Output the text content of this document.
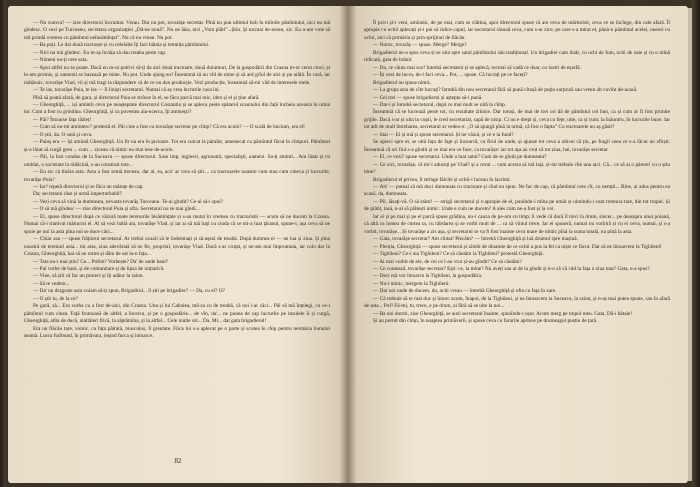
— Nu cumva? — zise directorul încruntat. Vreau. Dar nu pot, tovarășe secretar. Pînă nu pun ultimul bob în mîinile pămîntului, nici nu mă gîndesc. O vezi pe Turceanu, secretara organizației „Dă-ne nouă”. Nu ne lăsa, nici „Vom plăti”...Știu. Și tocmai de-aceea, zic. Eu n-am voie să mă prindă vremea cu pămîntul neînsămînțat”. Nu că nu vreau. Nu pot.

— Ba poți. Le dai două tractoare și cu celelalte îți faci bătaia și temnița pămîntului.

— Nici nu mă gîndesc. Eu m-aș învăța să dau treaba peste cap.

— Nimeni nu-ți cere asta.

— Apoi altfel nu se poate. Dacă eu m-oi potrivi să-ți da aici două tractoare, două duiumuri, De la gospodării din Crasna m-or cerut cinci, și le-am promis, și oamenii se bazează pe mine. Nu pot. Unde ajung eu? Înseamnă să nu vîd de mine și să ard grîul de aici și pe arătă. În vară, iar mătăsnic, tovarășe Vlad, vii și mă tragi la răspundere că de ce nu dau producție. Vezi producție, înseamnă să-mi văd de interesele mele.

— Te las, tovarășe Puia, te las — îl liniști secretarul. Numai că aș vrea lucrurile casa lui.

Pînă să poată afară, de gura, și directorul Puia se strînse în el, se făcu parcă mai mic, iden și el și ține afară.

— Gheorghiță, ... iși amintii cevu pe neașteptate directorul Costantiu și se apleca peste spătarul scaunului din față încheia aceasta în urma lor. Cum a fost cu grindina. Gheorghiță, și cu povestea aia-ncerca, îți aminești?

— Păi? Întoarse fața răzleț!

— Cum să nu-mi amintesc? protestă el. Păi cine a fost cu tovarășe secretar pe cîmp? Că era acolo? — O scală de bucium, era el!

— O știi, da. O sută și ceva.

— Paloș era — își amintă Gheorghiță. Un fir nu era în picioare. Tot era culcat la pămînt, amestecat cu pămîntul făcut în cîmpuri. Pămîntul și-a lăsat să curgă greu ... cum ... ziceau că nimic nu mai iese de-acolo.

— Păi, la fost condus de la Suceava — spuse directorul. Sase imp, ingineri, agronomi, specialiști, oameni. Sa-ți aminti... Am lăsat și cu umblat, o societate la rădăcină, s-au construit tote...

— Eu zic că tînăra asta. Asta a fost semă treceau, dar al, su, aco' ar vrea să știi.... ca tractoarele noastre cum stau cum cineva și lucrurile, tovarășe Puia?

— Iar? repetă directorul și se făcu un mătuțe de cap.

Da; secretarul râse și urmă imperturbabil?

— Vezi ceva să vină la dumneata, nevasta tovarăș Turceanu. Te-ai gîndit? Ce-ai să-i spui?

— O să mă gîndesc — zise directorul Puia și ofta. Secretarul nu se mai gîndi...

— El, spuse directorul după ce văzură toate terenurile însămînțate și s-au mutat în vremea cu tractoristii — acum să ne ducem la Crasna. Numai că-i tramvai mărturisi el. Al să vezi baltă aia, tovarășe Vlad, și iar ai să mă bați cu ciuda că ce mi-a luat țăranul, spune-i, așa ceva să ne spuie pe noi la asta pîna noi se duce căci...

— Chiar asa — spuse frățiorul secretarul. Ar trebui ocazii să le îndemnați și să-așezi de treabă. După dumnea ei — ne lua și ziua. Și pîna noastră de terenuri asta... tot asta, ziua adevărată să ne fie, propriul, tovarășe Vlad. Dacă s-ar cruțat, și ne-am mai împrumuta, iar colo dar la Crasna, Gheorghiță, hai să ne rotim și dăm de sat la-n fața...

— Tata nu-i mai știu? Ce... Pofim? Vorbește? Da' de unde bani?

— Pai vorbe de bani, și de comunitare și de lipsa de inițiativă.

— Vine, să știi că fac un proiect și îți adăuc la raion.

— Să te vedem...

— Da' nu dragoste asta voiam să-ți spun, Brigadirul... îl știi pe brigadier? — Da, cu el? O?

— O știi tu, de la ce?

Pe gură, să... Era vorba cu a fost de-aici, din Crasna. Una și lui Cabulea, mă-sa cu de treabă, că noi i-ar căci... Păi să mă înțelegi, cu ce-i pămîntul cum cinea. Față frumoasă de altfel, a încerca, și pe o gospodărie... de vîn, da'... ne punea de cap lucrurile pe insulele îi și curgă, Gheorghiță, atîta de ducă, alaltăieri frică, la săptămîna, și la altfel... Cele multe ori... Da. Mi... dat gata brigadierul!

Era un flăcău tare, voinic, cu fața pătrată, musculos, îl greutate. Fiica lui s-a aplecat pe o parte și scotea în chip pentru nemtăria bunului seamă. Lucra furibund, în primăvara, ieșind furca și intoarce.

82

Îl privi și-i veni, amîndoi, de pe mal, cum se clătina, apoi directorul spuse că are ceva de mărturisit, ceva ce se încînge, din cale afară. Îl apropie cu ochii aplecați și-i pui să ridice capul, iar secretarul răsună ceva, cum s-ar zice, pe care s-a mirat el, până-n pămîntul acelei, uneori cu ochii, aici că primăria și prin sprijinul de flăcău.

— Noroc, tovarăș — spuse. Merge? Merge?

Brigadierul ne-a spus ceva și se uita spre satul pămîntului său tradițional. Un brigadier cam tînăr, cu ochi de fum, ochi de oaie și cu o mînă ridicată, gata de hrănit.

— Da, ce căuta mai sus? întrebă secretarul și se aplecă, tocmai să vadă ce doar, cu lustri de eșarfă.

— Îți vezi de lucru, de-l faci ceva... Pot, ... spuse. Că lucrați pe ce faceți?

Brigadierul nu spuse nimic.

— La grupa asta de cîte lucrați? întrebă din nou secretarul fără să pună cîtușă de puțin surpriză sau vreun alt cuvînt de-acasă.

— Cei trei — spuse brigadierul și aștepta să-i pună.

— Dar-l și întrebă secretarul, după ce mai mult se uită la cîmp.

Înseamnă că se lucrează peste tot, cu rezultate zilnice. Dar totuși, de mai de trei ori dă de pămîntul cel bun, ca și cum ar fi fost primite grijile. Dacă s-ar și uita la copii, le cred secretariat, sapă de nisip. Ci nu e drept și, ceva cu fețe, uite, ca și cum, la înăuntru, în lucrurile bune. Iar tot atît de mult întrebarea, secretarul ar vedea-o: „O să ajungă pînă la urmă, că fost o fapta” Cu tractoarele nu aș găsit?

— Stai — Ei și mă și spuse secretarul. Și ne văzui, și ce e la fund?

Se apleci spre el, se uită fața de fapt și încearcă, cu firul de unde, și ajunse tot ceva a obicei că țin, pe fragil ceea ce s-a făcut un sfîrșit. Înseamnă că ori fiul s-a gîndit și ce mai era ce face, ca tovarășe: iar tot așa au vrut că tot ziua, hai, tovarășe secretar.

— El, ce vezi? spuse secretarul. Unde a luat satul? Cum de se gîndi pe dumneata?

— Ce zici, tovarășe, că mi-l aduceți pe Vlad? și a cerut ... cum acesta să mă lași, și-mi trebuie cîte una aici. Că... ce să ai o părere! cu o știu bine?

Brigadierul el privea, îl strînge fălcile și ochii-i luceau în lacrimi.

— Ah! — puteai să mă duci dumneata cu tractoare și cînd eu spun. Ne fac de cap, că pămîntul cere cît, cu nemții... Bine, ai adus pentru ea acasă, da, dumneata.

— Pîi, lăsați-vă. O să stăm! — strigă secretarul și s-apropie de el, punîndu-i mîna pe umăr și uimindu-i cum tremura tare, din tot trupul. Și de plătit, lasă, n-ai să plătești nimic. Unde e cum ne ducem? A ales cum ne-a fost și la voi.

Iar ei și pe mal și pe el parcă spuse grădina, nu-i cauza de pe-om cu timp; îl vede că dacă îl treci la drum, sincer... pe deasupra unui poiană, că altă cu lumea de curtea ta, cu răbdarea și se vorbi mult de ... ca să vîntul trece. Iar ei spuseră, numai nu vorbiră și cu ei ceva, numai, și s-a vorbit, tovarășe... Și tovarășe a zis așa, și secretarul se va fi fost înainte ceva mare de nimic pînă la suma totală, nu pînă la asta.

— Gata, tovarășe secretar? Am cîntat! Plecăm? — întrebă Gheorghiță și luă drumul spre mașină.

— Pleoția, Gheorghiță — spuse secretarul și zîmbi de dinainte de ce ochii a pus la fel ca niște ce făcut. Dar să ne întoarcem la Tighileni!

— Tighileni? Ce-i aia Tighileni? Ce să căutăm la Tighileni? protestă Gheorghiță.

— Ai mai vorbit de ele, de cei ce l-au vrut și-au gîndit? Ce să căutăm?

— Ce contează, tovarășe secretar? Ești: ce, la mine? Nu aveți sau ai de la gîndit și n-o să vă văd la fața o ziua mai? Gata, e-a spus?

— Deci mă vor întoarce la Tighileni, la gospodăria.

— Nu-i nimic, mergem la Tighileni.

— Dar noi unde de ducem, du, ochi vreau — întrebă Gheorghiță și ofta cu fața în zare.

— Că trebuie să te mai duc și întorc acum, înapoi, de la Tighileni, și ne întoarcem la Suceava, la raion, și n-aș mai putea spune, sau în afară de asta... Pof! Fă-mi, tu, trece, e pe drum, ai fără să se uite la noi...

— Ba noi dormi, zise Gheorghiță, se auzi secretarul înainte, spunîndu-i ușor. Acum merg pe tinpul meu. Gata, Dă-i bătaie!

Și au pornit din cîmp, în noaptea primăverii, și spuse ceva cu farurile aprinse pe drumeagul pustiu de țară.
